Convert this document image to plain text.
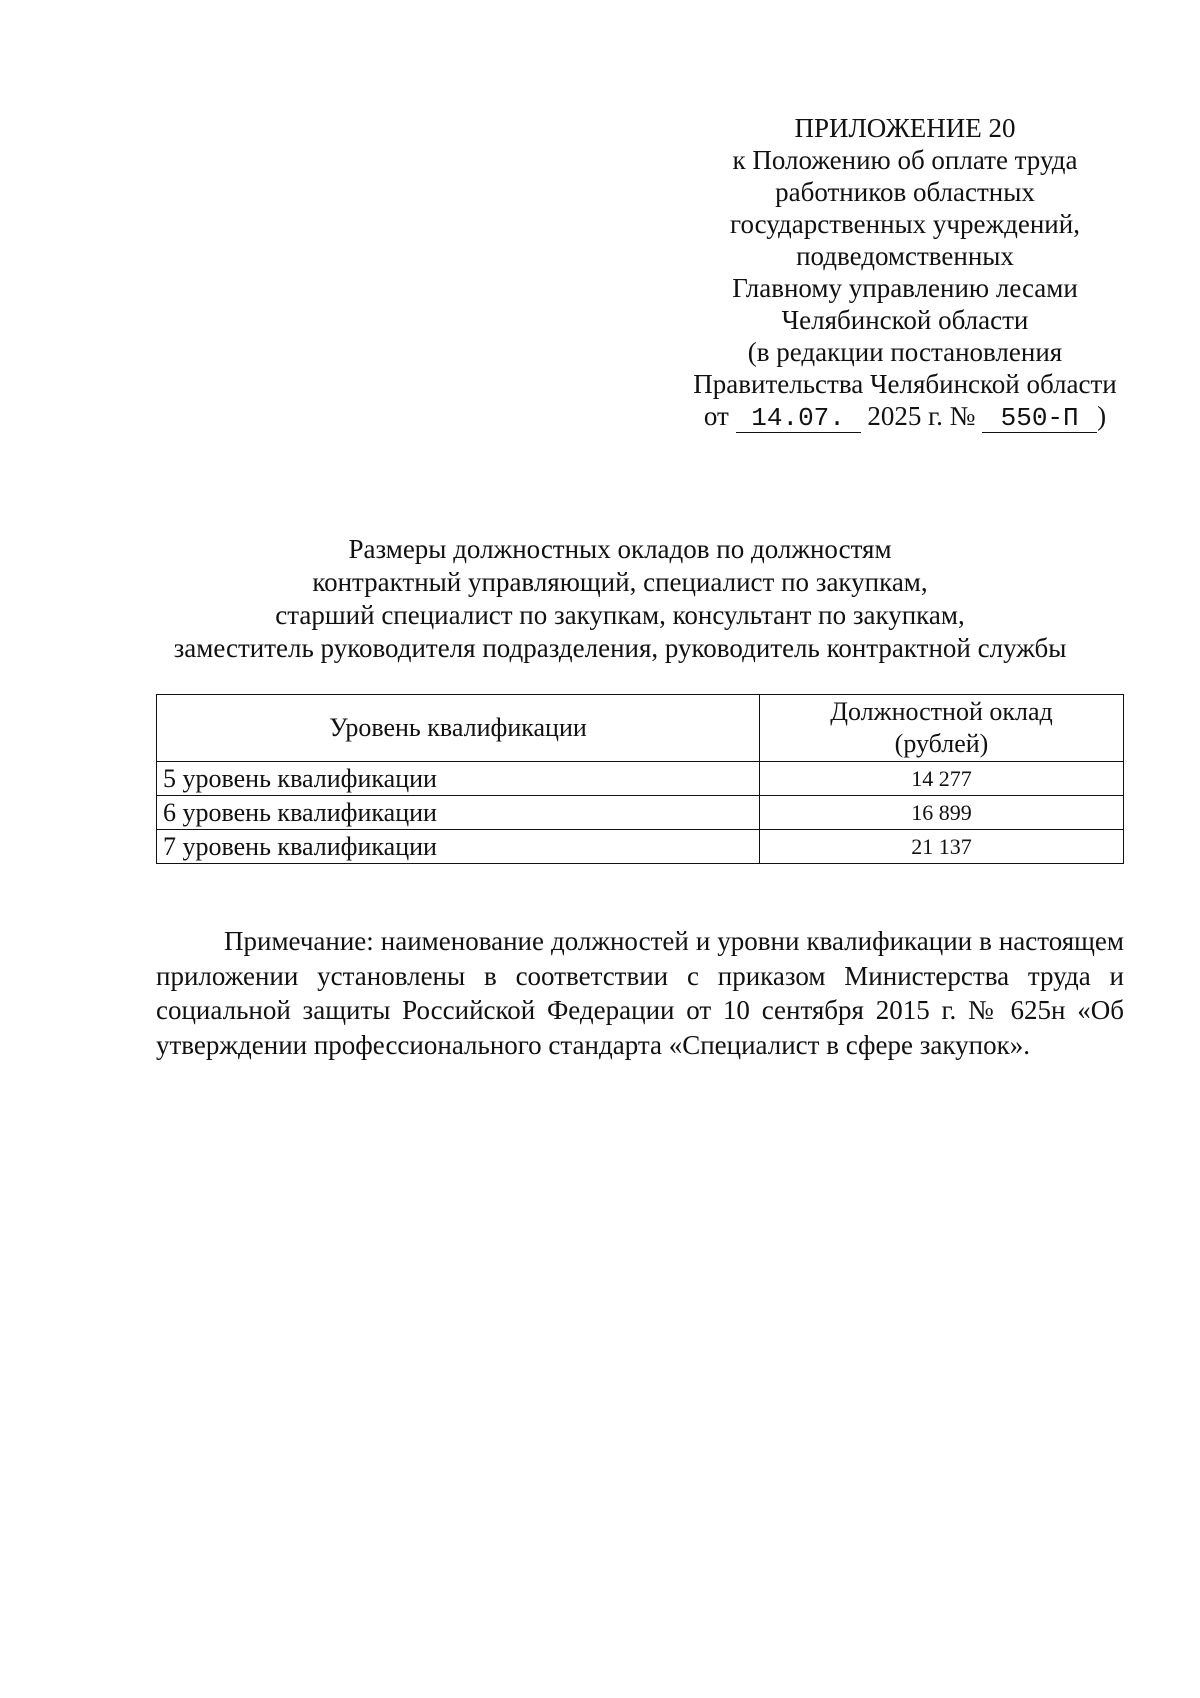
ПРИЛОЖЕНИЕ 20
к Положению об оплате труда
работников областных
государственных учреждений,
подведомственных
Главному управлению лесами
Челябинской области
(в редакции постановления
Правительства Челябинской области
от 14.07. 2025 г. № 550-П )
Размеры должностных окладов по должностям
контрактный управляющий, специалист по закупкам,
старший специалист по закупкам, консультант по закупкам,
заместитель руководителя подразделения, руководитель контрактной службы
Уровень квалификации	Должностной оклад
(рублей)

5 уровень квалификации	14 277
6 уровень квалификации	16 899
7 уровень квалификации	21 137

Примечание: наименование должностей и уровни квалификации в настоящем приложении установлены в соответствии с приказом Министерства труда и социальной защиты Российской Федерации от 10 сентября 2015 г. № 625н «Об утверждении профессионального стандарта «Специалист в сфере закупок».
